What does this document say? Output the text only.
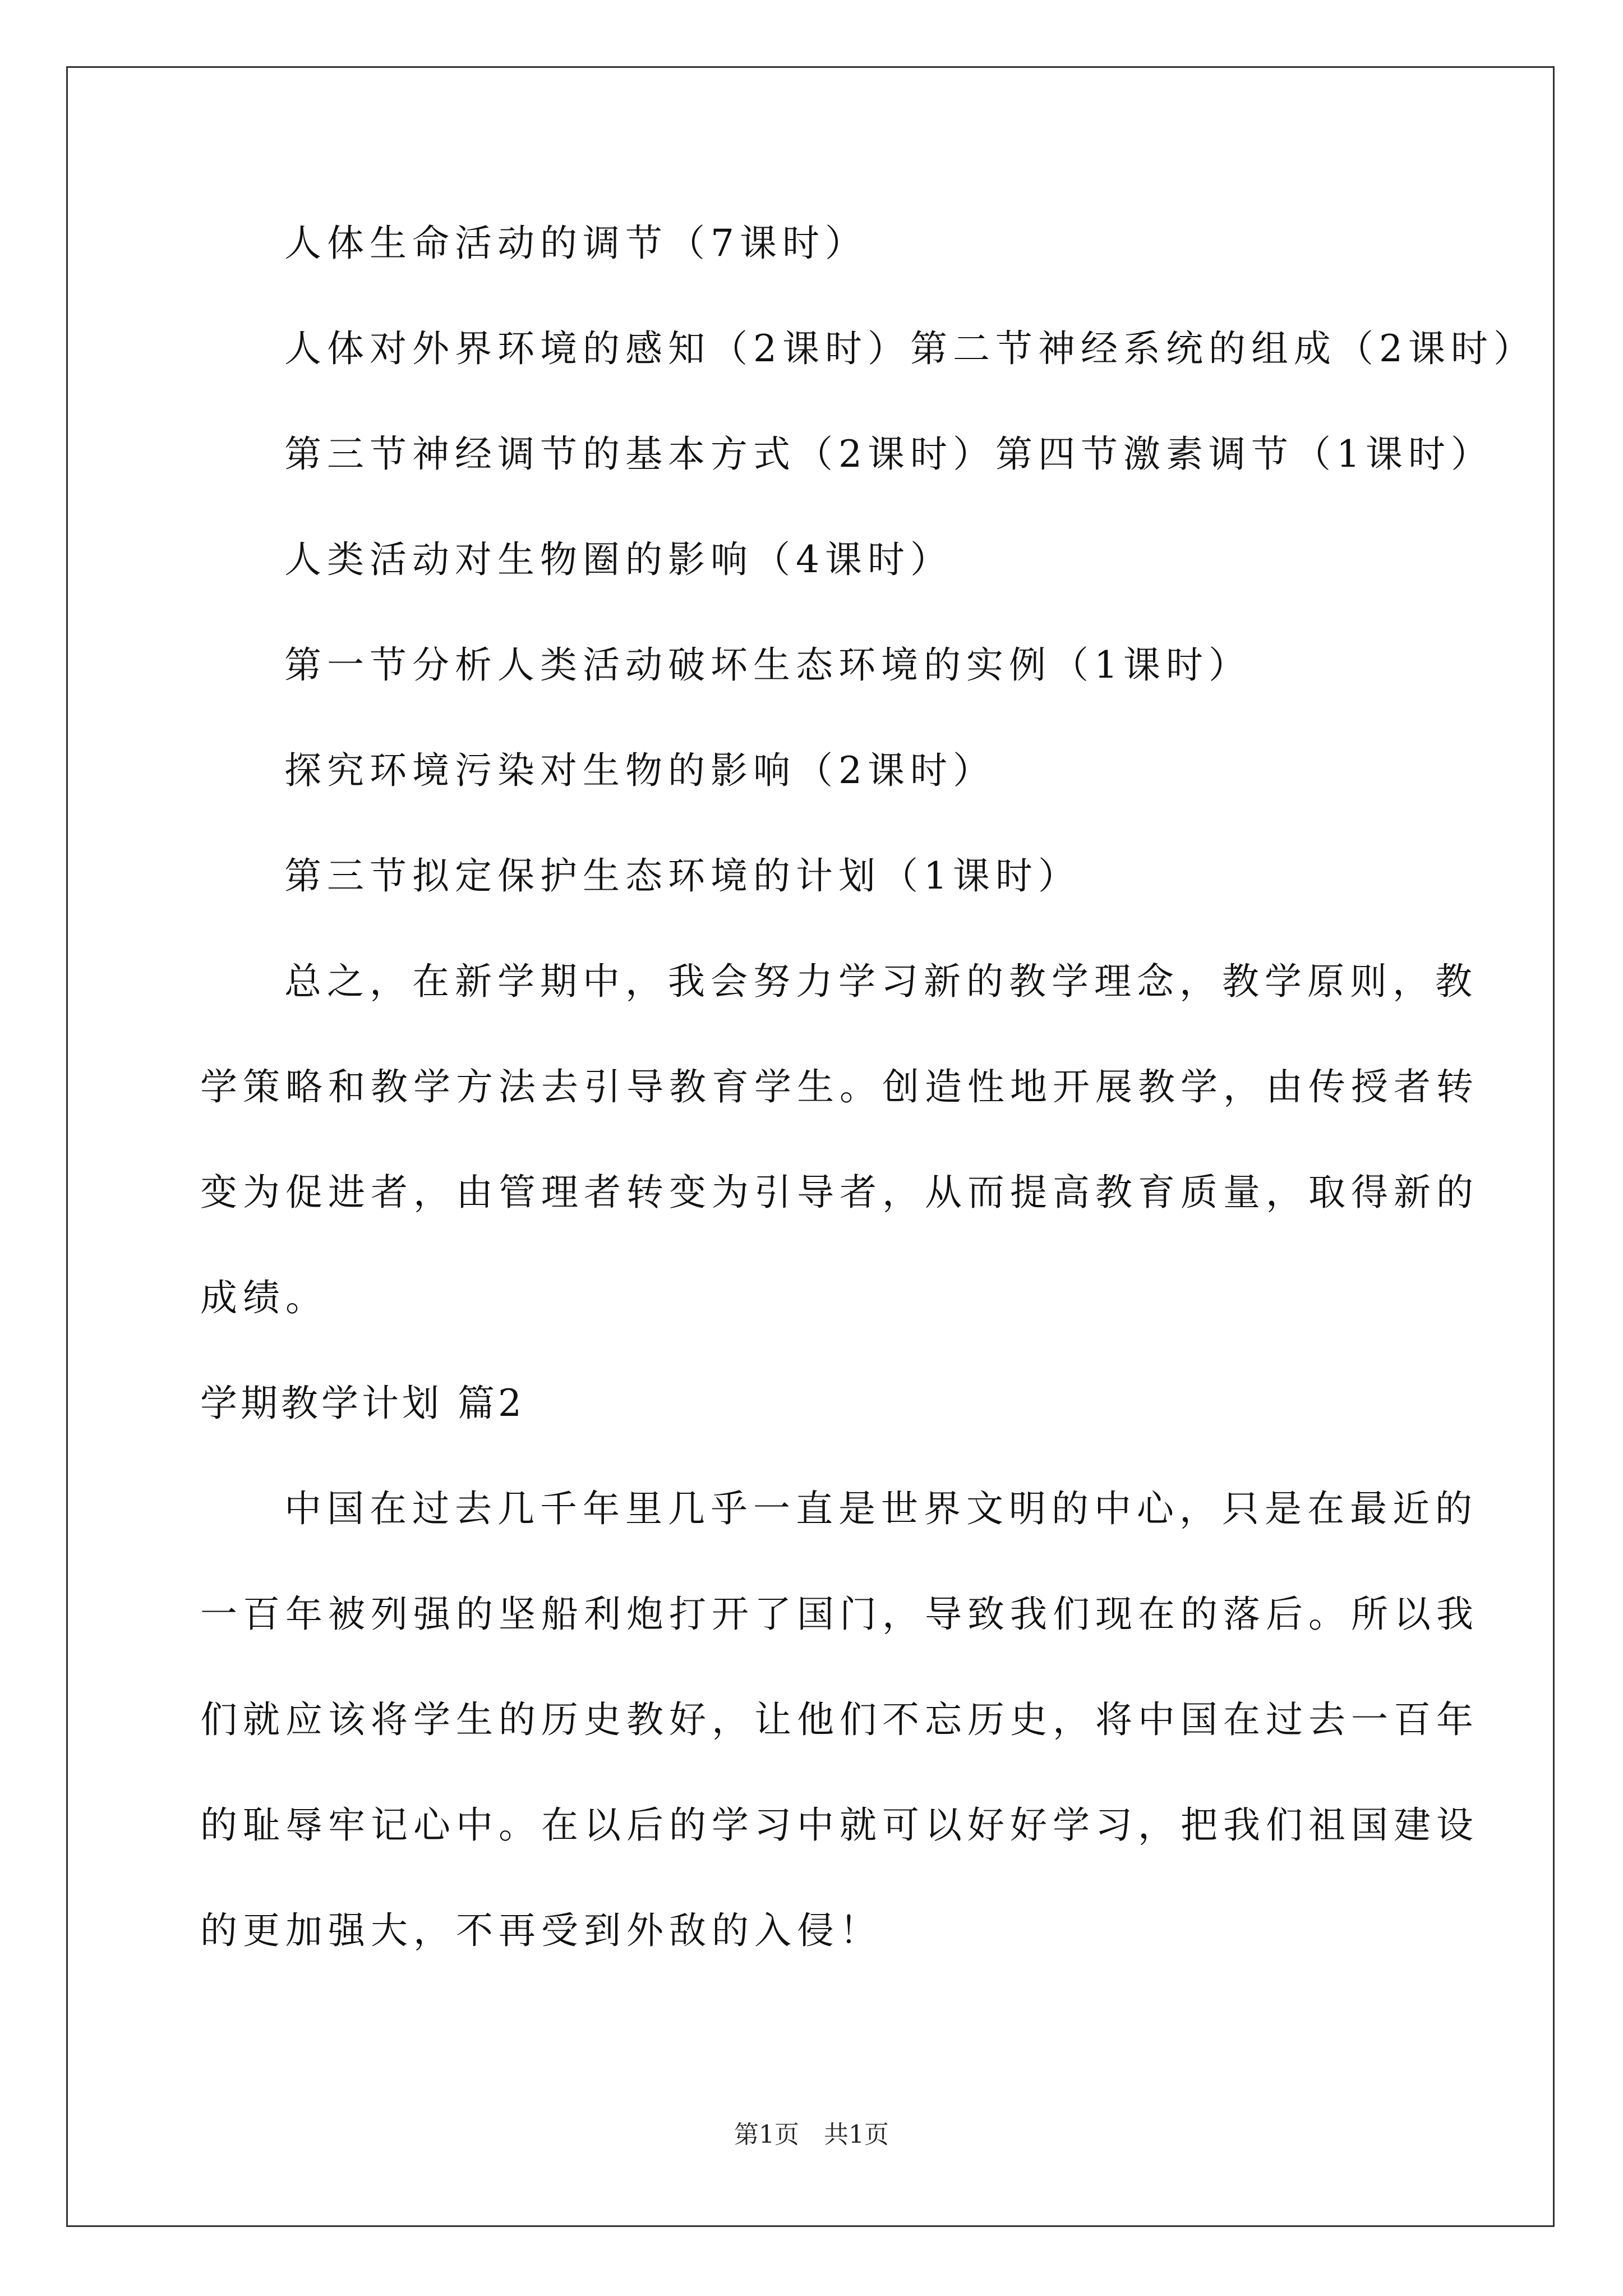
人体生命活动的调节（7课时）
人体对外界环境的感知（2课时）第二节神经系统的组成（2课时）
第三节神经调节的基本方式（2课时）第四节激素调节（1课时）
人类活动对生物圈的影响（4课时）
第一节分析人类活动破坏生态环境的实例（1课时）
探究环境污染对生物的影响（2课时）
第三节拟定保护生态环境的计划（1课时）
总之，在新学期中，我会努力学习新的教学理念，教学原则，教
学策略和教学方法去引导教育学生。创造性地开展教学，由传授者转
变为促进者，由管理者转变为引导者，从而提高教育质量，取得新的
成绩。
学期教学计划 篇2
中国在过去几千年里几乎一直是世界文明的中心，只是在最近的
一百年被列强的坚船利炮打开了国门，导致我们现在的落后。所以我
们就应该将学生的历史教好，让他们不忘历史，将中国在过去一百年
的耻辱牢记心中。在以后的学习中就可以好好学习，把我们祖国建设
的更加强大，不再受到外敌的入侵！
第1页　共1页
